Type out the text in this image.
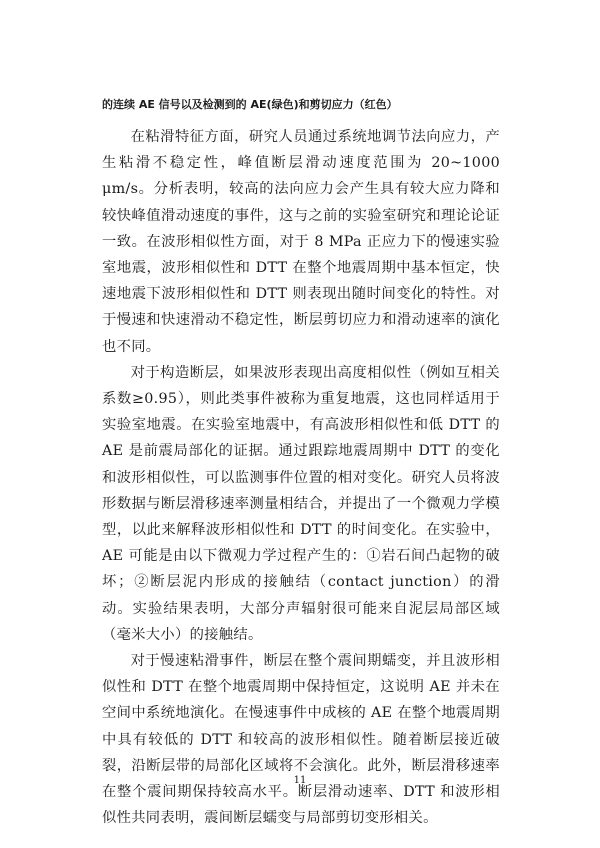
的连续 AE 信号以及检测到的 AE(绿色)和剪切应力（红色）

在粘滑特征方面，研究人员通过系统地调节法向应力，产生粘滑不稳定性，峰值断层滑动速度范围为 20~1000 μm/s。分析表明，较高的法向应力会产生具有较大应力降和较快峰值滑动速度的事件，这与之前的实验室研究和理论论证一致。在波形相似性方面，对于 8 MPa 正应力下的慢速实验室地震，波形相似性和 DTT 在整个地震周期中基本恒定，快速地震下波形相似性和 DTT 则表现出随时间变化的特性。对于慢速和快速滑动不稳定性，断层剪切应力和滑动速率的演化也不同。

对于构造断层，如果波形表现出高度相似性（例如互相关系数≥0.95），则此类事件被称为重复地震，这也同样适用于实验室地震。在实验室地震中，有高波形相似性和低 DTT 的 AE 是前震局部化的证据。通过跟踪地震周期中 DTT 的变化和波形相似性，可以监测事件位置的相对变化。研究人员将波形数据与断层滑移速率测量相结合，并提出了一个微观力学模型，以此来解释波形相似性和 DTT 的时间变化。在实验中，AE 可能是由以下微观力学过程产生的：①岩石间凸起物的破坏；②断层泥内形成的接触结（contact junction）的滑动。实验结果表明，大部分声辐射很可能来自泥层局部区域（毫米大小）的接触结。

对于慢速粘滑事件，断层在整个震间期蠕变，并且波形相似性和 DTT 在整个地震周期中保持恒定，这说明 AE 并未在空间中系统地演化。在慢速事件中成核的 AE 在整个地震周期中具有较低的 DTT 和较高的波形相似性。随着断层接近破裂，沿断层带的局部化区域将不会演化。此外，断层滑移速率在整个震间期保持较高水平。断层滑动速率、DTT 和波形相似性共同表明，震间断层蠕变与局部剪切变形相关。

11
